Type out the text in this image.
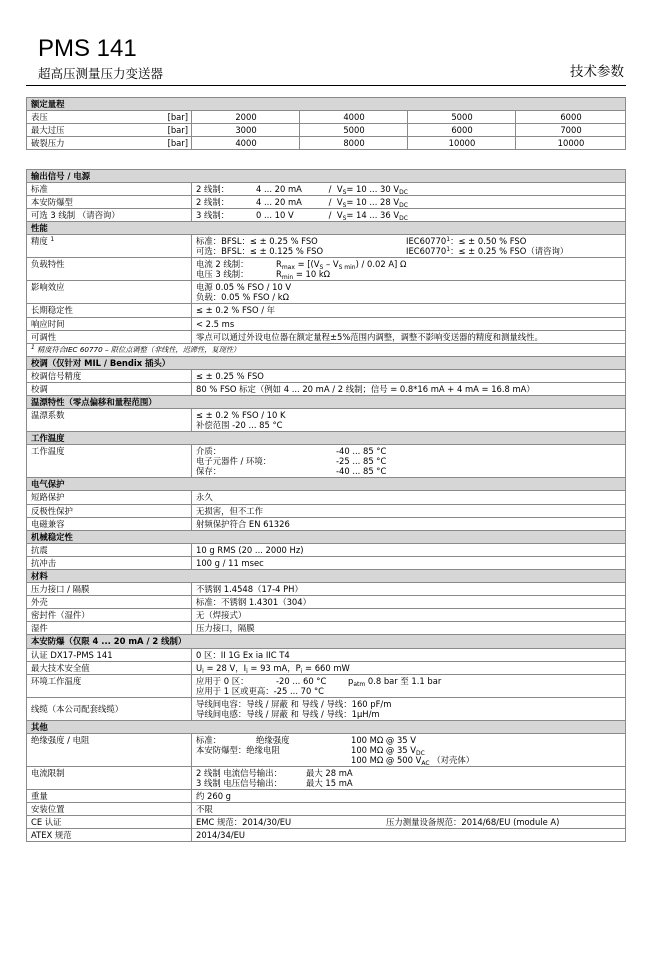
PMS 141
超高压测量压力变送器	技术参数
额定量程				
表压 [bar]	2000	4000	5000	6000
最大过压 [bar]	3000	5000	6000	7000
破裂压力 [bar]	4000	8000	10000	10000
输出信号 / 电源	
标准	2 线制： 4 ... 20 mA / $V_S= 10$ ... 30 $V_{DC}$
本安防爆型	2 线制： 4 ... 20 mA / $V_S= 10$ ... 28 $V_{DC}$
可选 3 线制 （请咨询）	3 线制： 0 ... 10 $V / V_S= 14$ ... 36 $V_{DC}$
性能	
精度 $^1$	标准：BFSL：≤ ± 0.25 % FSO $IEC60770^1$：≤ ± 0.50 % FSO
可选：BFSL：≤ ± 0.125 % FSO $IEC60770^1$：≤ ± 0.25 % FSO（请咨询）

负载特性	电流 2 线制： $R_{max} = [(V_S - V_{S min}) / 0.02$ A] Ω
电压 3 线制： $R_{min} = 10$ kΩ

影响效应	电源 0.05 % FSO / 10 V
负载：0.05 % FSO / kΩ

长期稳定性	≤ ± 0.2 % FSO / 年
响应时间	< 2.5 ms
可调性	零点可以通过外设电位器在额定量程±5%范围内调整，调整不影响变送器的精度和测量线性。
$^1$ 精度符合IEC 60770 – 限位点调整（非线性，迟滞性，复现性）	
校调（仅针对 MIL / Bendix 插头）	
校调信号精度	≤ ± 0.25 % FSO
校调	80 % FSO 标定（例如 4 ... 20 mA / 2 线制；信号 = 0.8*16 mA + 4 mA = 16.8 mA）
温漂特性（零点偏移和量程范围）	
温漂系数	≤ ± 0.2 % FSO / 10 K
补偿范围 -20 ... 85 °C

工作温度	
工作温度	介质： -40 ... 85 °C
电子元器件 / 环境： -25 ... 85 °C
保存： -40 ... 85 °C

电气保护	
短路保护	永久
反极性保护	无损害，但不工作
电磁兼容	射频保护符合 EN 61326
机械稳定性	
抗震	10 g RMS (20 ... 2000 Hz)
抗冲击	100 g / 11 msec
材料	
压力接口 / 隔膜	不锈钢 1.4548（17-4 PH）
外壳	标准：不锈钢 1.4301（304）
密封件（湿件）	无（焊接式）
湿件	压力接口，隔膜
本安防爆（仅限 4 ... 20 mA / 2 线制）	
认证 DX17-PMS 141	0 区：II 1G Ex ia IIC T4
最大技术安全值	$U_i = 28$ V，$I_i = 93$ mA，$P_i = 660$ mW
环境工作温度	应用于 0 区： -20 ... 60 °C $p_{atm}$ 0.8 bar 至 1.1 bar
应用于 1 区或更高：-25 ... 70 °C

线缆（本公司配套线缆）	导线间电容：导线 / 屏蔽 和 导线 / 导线：160 pF/m
导线间电感：导线 / 屏蔽 和 导线 / 导线：1μH/m

其他	
绝缘强度 / 电阻	标准： 绝缘强度 100 MΩ @ 35 V
本安防爆型：绝缘电阻 100 MΩ @ 35 $V_{DC}$
100 MΩ @ 500 $V_{AC}$ （对壳体）

电流限制	2 线制 电流信号输出： 最大 28 mA
3 线制 电压信号输出： 最大 15 mA

重量	约 260 g
安装位置	不限
CE 认证	EMC 规范：2014/30/EU 压力测量设备规范：2014/68/EU (module A)
ATEX 规范	2014/34/EU
